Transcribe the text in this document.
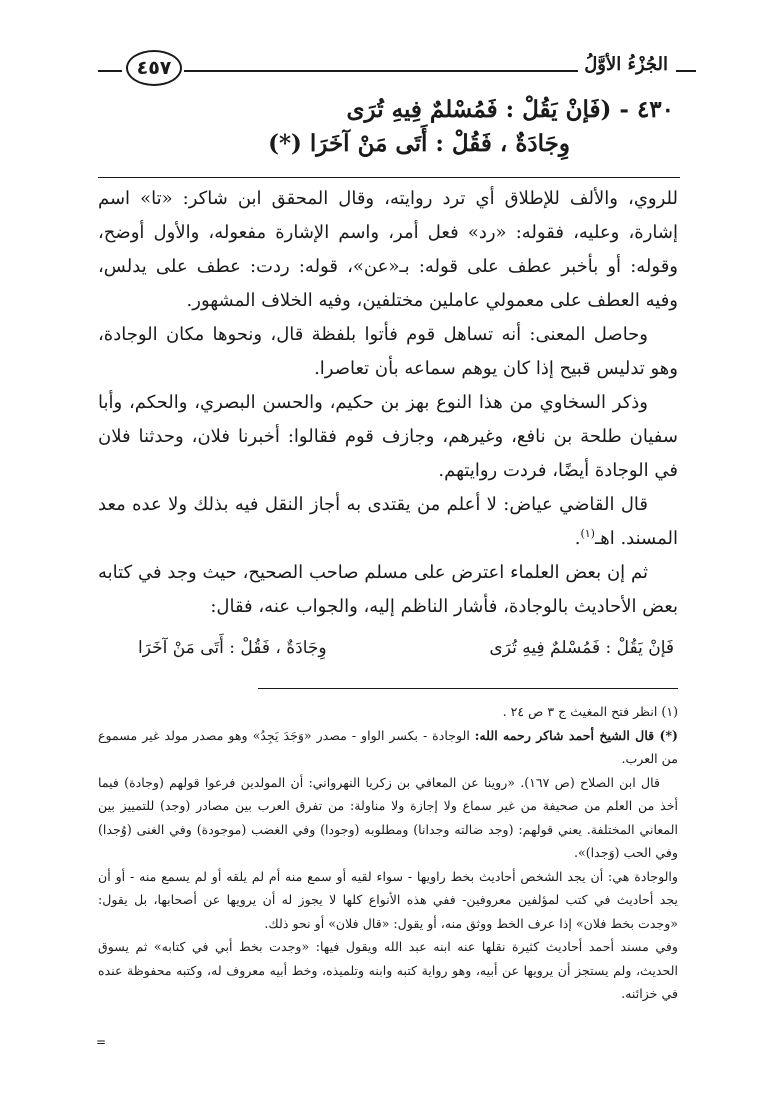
٤٥٧	الجُزْءُ الأوَّلُ
٤٣٠ - (فَإنْ يَقُلْ : فَمُسْلمٌ فِيهِ تُرَى
وِجَادَةٌ ، فَقُلْ : أَتَى مَنْ آخَرَا (*)

للروي، والألف للإطلاق أي ترد روايته، وقال المحقق ابن شاكر: «تا» اسم إشارة، وعليه، فقوله: «رد» فعل أمر، واسم الإشارة مفعوله، والأول أوضح، وقوله: أو بأخبر عطف على قوله: بـ«عن»، قوله: ردت: عطف على يدلس، وفيه العطف على معمولي عاملين مختلفين، وفيه الخلاف المشهور.

وحاصل المعنى: أنه تساهل قوم فأتوا بلفظة قال، ونحوها مكان الوجادة، وهو تدليس قبيح إذا كان يوهم سماعه بأن تعاصرا.

وذكر السخاوي من هذا النوع بهز بن حكيم، والحسن البصري، والحكم، وأبا سفيان طلحة بن نافع، وغيرهم، وجازف قوم فقالوا: أخبرنا فلان، وحدثنا فلان في الوجادة أيضًا، فردت روايتهم.

قال القاضي عياض: لا أعلم من يقتدى به أجاز النقل فيه بذلك ولا عده معد المسند. اهـ$^{(١)}$.

ثم إن بعض العلماء اعترض على مسلم صاحب الصحيح، حيث وجد في كتابه بعض الأحاديث بالوجادة، فأشار الناظم إليه، والجواب عنه، فقال:

فَإنْ يَقُلْ : فَمُسْلمٌ فِيهِ تُرَى
وِجَادَةٌ ، فَقُلْ : أَتَى مَنْ آخَرَا

(١) انظر فتح المغيث ج ٣ ص ٢٤ .

(*) قال الشيخ أحمد شاكر رحمه الله: الوجادة - بكسر الواو - مصدر «وَجَدَ يَجِدُ» وهو مصدر مولد غير مسموع من العرب.

قال ابن الصلاح (ص ١٦٧). «روينا عن المعافي بن زكريا النهرواني: أن المولدين فرعوا قولهم (وجادة) فيما أخذ من العلم من صحيفة من غير سماع ولا إجازة ولا مناولة: من تفرق العرب بين مصادر (وجد) للتمييز بين المعاني المختلفة. يعني قولهم: (وجد ضالته وجدانا) ومطلوبه (وجودا) وفي الغضب (موجودة) وفي الغنى (وُجدا) وفي الحب (وَجدا)».

والوجادة هي: أن يجد الشخص أحاديث بخط راويها - سواء لقيه أو سمع منه أم لم يلقه أو لم يسمع منه - أو أن يجد أحاديث في كتب لمؤلفين معروفين- ففي هذه الأنواع كلها لا يجوز له أن يرويها عن أصحابها، بل يقول: «وجدت بخط فلان» إذا عرف الخط ووثق منه، أو يقول: «قال فلان» أو نحو ذلك.

وفي مسند أحمد أحاديث كثيرة نقلها عنه ابنه عبد الله ويقول فيها: «وجدت بخط أبي في كتابه» ثم يسوق الحديث، ولم يستجز أن يرويها عن أبيه، وهو رواية كتبه وابنه وتلميذه، وخط أبيه معروف له، وكتبه محفوظة عنده في خزائنه.

=
